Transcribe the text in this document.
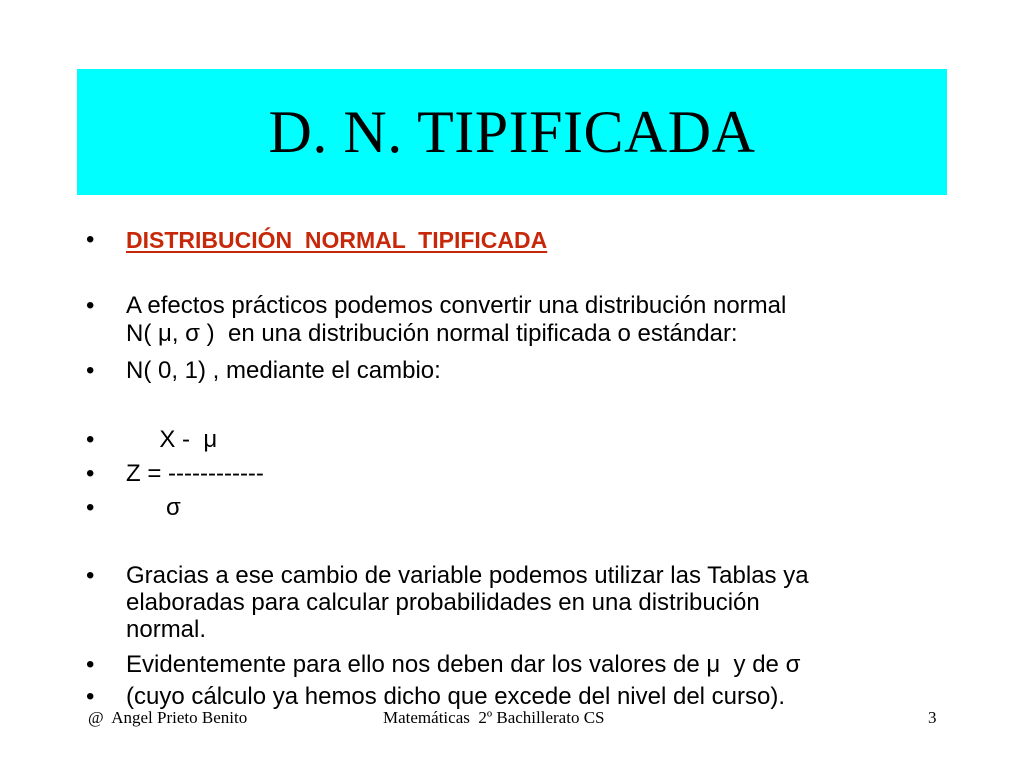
D. N. TIPIFICADA
• DISTRIBUCIÓN  NORMAL  TIPIFICADA
• A efectos prácticos podemos convertir una distribución normal
N( μ, σ )  en una distribución normal tipificada o estándar:
• N( 0, 1) , mediante el cambio:
• X -  μ
• Z = ------------
• σ
• Gracias a ese cambio de variable podemos utilizar las Tablas ya
elaboradas para calcular probabilidades en una distribución
normal.
• Evidentemente para ello nos deben dar los valores de μ  y de σ
• (cuyo cálculo ya hemos dicho que excede del nivel del curso).
@  Angel Prieto Benito	Matemáticas  2º Bachillerato CS	3
